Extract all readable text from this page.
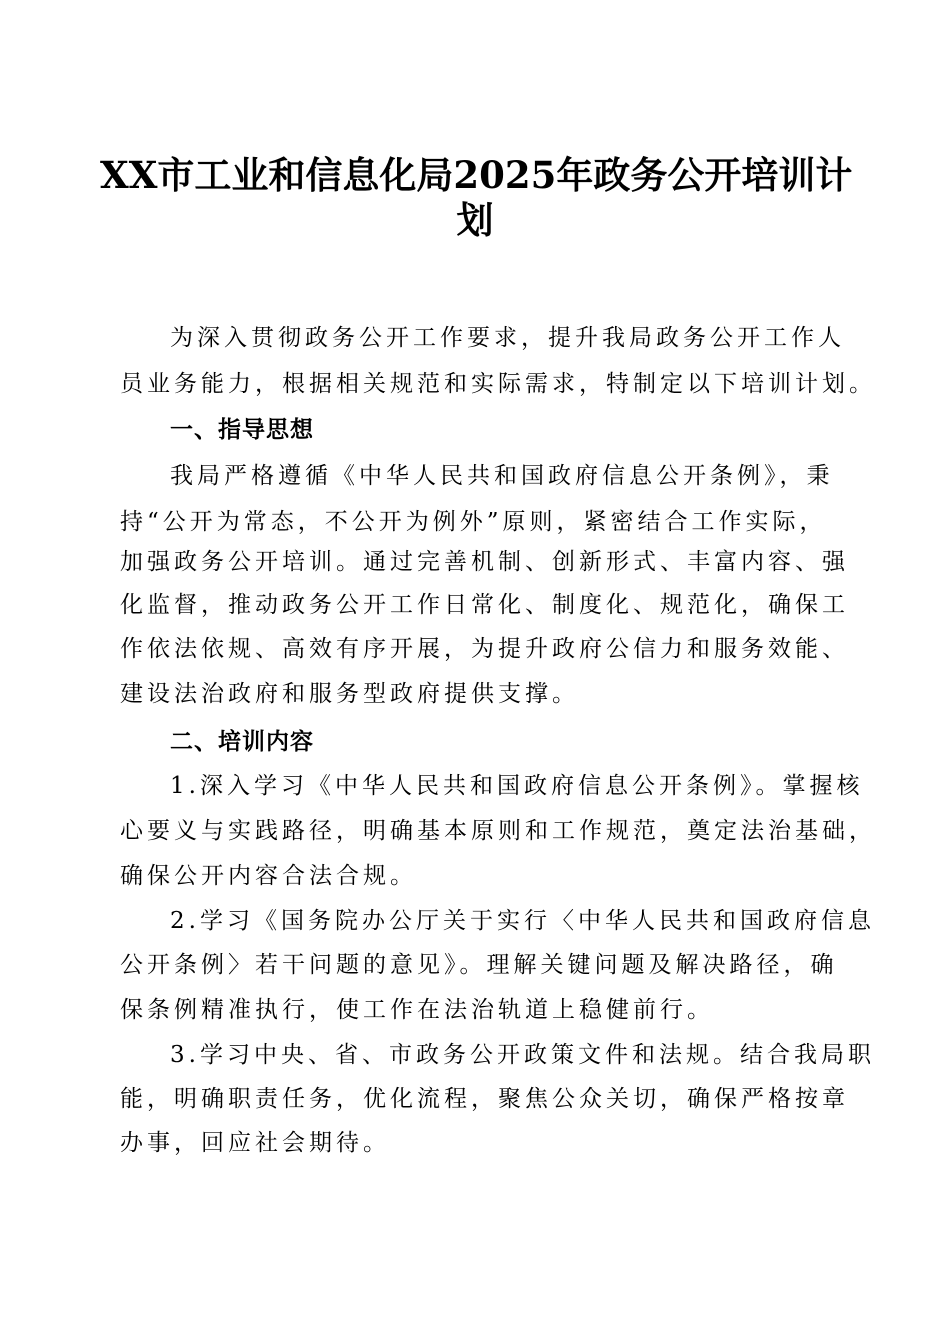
XX市工业和信息化局2025年政务公开培训计
划
为深入贯彻政务公开工作要求，提升我局政务公开工作人
员业务能力，根据相关规范和实际需求，特制定以下培训计划。
一、指导思想
我局严格遵循《中华人民共和国政府信息公开条例》，秉
持“公开为常态，不公开为例外”原则，紧密结合工作实际，
加强政务公开培训。通过完善机制、创新形式、丰富内容、强
化监督，推动政务公开工作日常化、制度化、规范化，确保工
作依法依规、高效有序开展，为提升政府公信力和服务效能、
建设法治政府和服务型政府提供支撑。
二、培训内容
1.深入学习《中华人民共和国政府信息公开条例》。掌握核
心要义与实践路径，明确基本原则和工作规范，奠定法治基础，
确保公开内容合法合规。
2.学习《国务院办公厅关于实行〈中华人民共和国政府信息
公开条例〉若干问题的意见》。理解关键问题及解决路径，确
保条例精准执行，使工作在法治轨道上稳健前行。
3.学习中央、省、市政务公开政策文件和法规。结合我局职
能，明确职责任务，优化流程，聚焦公众关切，确保严格按章
办事，回应社会期待。
